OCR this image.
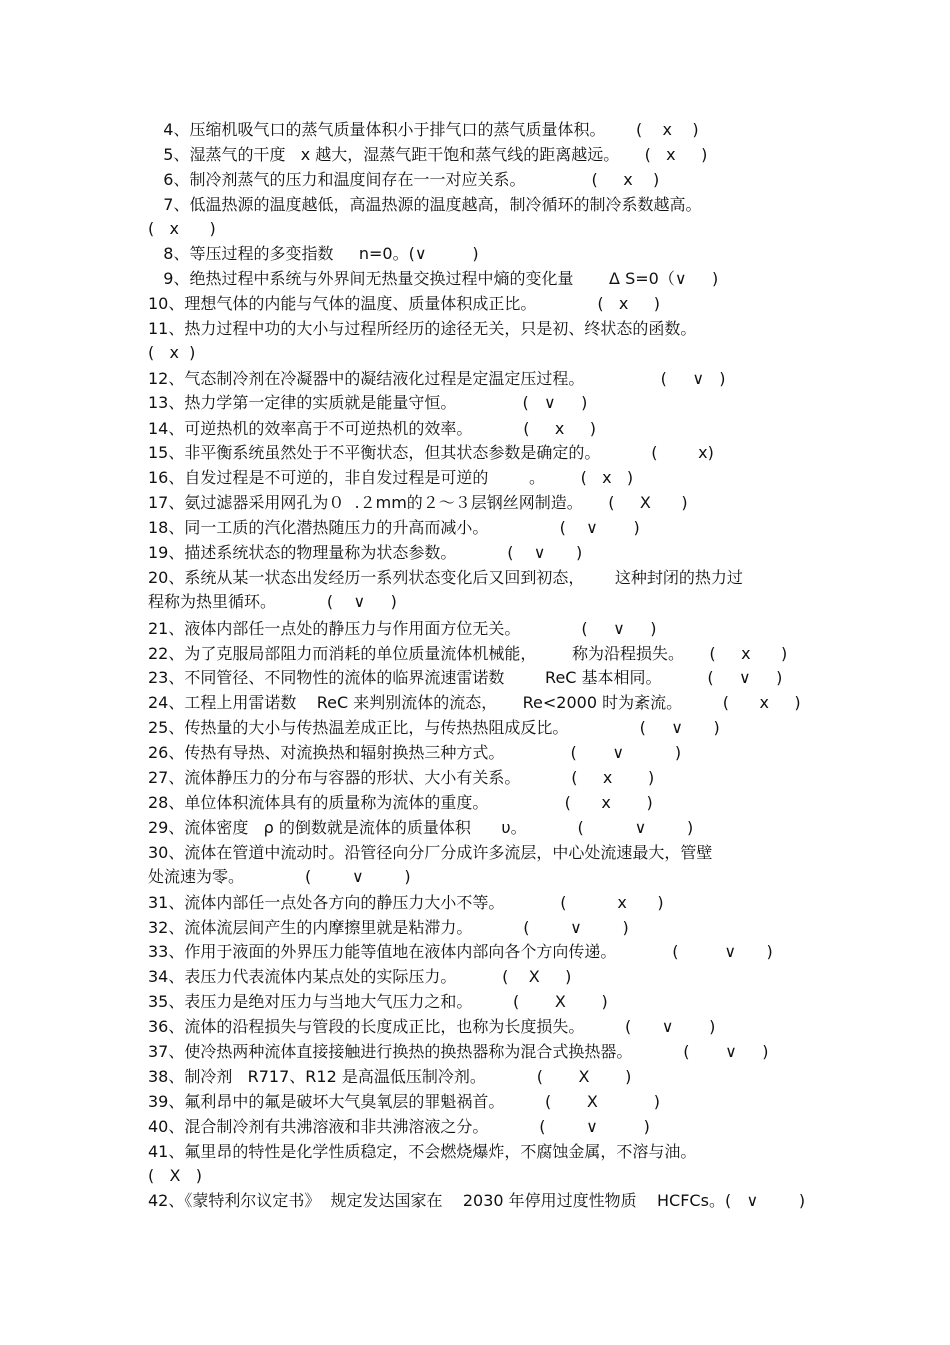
4、压缩机吸气口的蒸气质量体积小于排气口的蒸气质量体积。      (    x    )
5、湿蒸气的干度   x 越大，湿蒸气距干饱和蒸气线的距离越远。     (   x     )
6、制冷剂蒸气的压力和温度间存在一一对应关系。             (     x    )
7、低温热源的温度越低，高温热源的温度越高，制冷循环的制冷系数越高。
(   x      )
8、等压过程的多变指数     n=0。(∨         )
9、绝热过程中系统与外界间无热量交换过程中熵的变化量       Δ S=0（∨     )
10、理想气体的内能与气体的温度、质量体积成正比。            (   x     )
11、热力过程中功的大小与过程所经历的途径无关，只是初、终状态的函数。
(   x  )
12、气态制冷剂在冷凝器中的凝结液化过程是定温定压过程。               (     ∨   )
13、热力学第一定律的实质就是能量守恒。             (   ∨     )
14、可逆热机的效率高于不可逆热机的效率。          (     x     )
15、非平衡系统虽然处于不平衡状态，但其状态参数是确定的。          (        x)
16、自发过程是不可逆的，非自发过程是可逆的        。       (   x   )
17、氨过滤器采用网孔为０  .２mm的２～３层钢丝网制造。     (     X      )
18、同一工质的汽化潜热随压力的升高而减小。              (    ∨       )
19、描述系统状态的物理量称为状态参数。          (    ∨      )
20、系统从某一状态出发经历一系列状态变化后又回到初态，      这种封闭的热力过
程称为热里循环。          (    ∨     )
21、液体内部任一点处的静压力与作用面方位无关。            (     ∨     )
22、为了克服局部阻力而消耗的单位质量流体机械能，       称为沿程损失。     (     x      )
23、不同管径、不同物性的流体的临界流速雷诺数        ReC 基本相同。         (     ∨     )
24、工程上用雷诺数    ReC 来判别流体的流态，     Re<2000 时为紊流。        (      x     )
25、传热量的大小与传热温差成正比，与传热热阻成反比。              (     ∨      )
26、传热有导热、对流换热和辐射换热三种方式。             (       ∨          )
27、流体静压力的分布与容器的形状、大小有关系。          (     x       )
28、单位体积流体具有的质量称为流体的重度。               (      x       )
29、流体密度   ρ 的倒数就是流体的质量体积      υ。          (          ∨        )
30、流体在管道中流动时。沿管径向分厂分成许多流层，中心处流速最大，管壁
处流速为零。            (        ∨        )
31、流体内部任一点处各方向的静压力大小不等。           (          x      )
32、流体流层间产生的内摩擦里就是粘滞力。          (        ∨        )
33、作用于液面的外界压力能等值地在液体内部向各个方向传递。           (         ∨      )
34、表压力代表流体内某点处的实际压力。         (    X     )
35、表压力是绝对压力与当地大气压力之和。        (       X       )
36、流体的沿程损失与管段的长度成正比，也称为长度损失。        (      ∨       )
37、使冷热两种流体直接接触进行换热的换热器称为混合式换热器。          (       ∨     )
38、制冷剂   R717、R12 是高温低压制冷剂。          (       X       )
39、氟利昂中的氟是破坏大气臭氧层的罪魁祸首。        (       X           )
40、混合制冷剂有共沸溶液和非共沸溶液之分。          (        ∨         )
41、氟里昂的特性是化学性质稳定，不会燃烧爆炸，不腐蚀金属，不溶与油。
(   X   )
42、《蒙特利尔议定书》  规定发达国家在    2030 年停用过度性物质    HCFCs。(   ∨        )
